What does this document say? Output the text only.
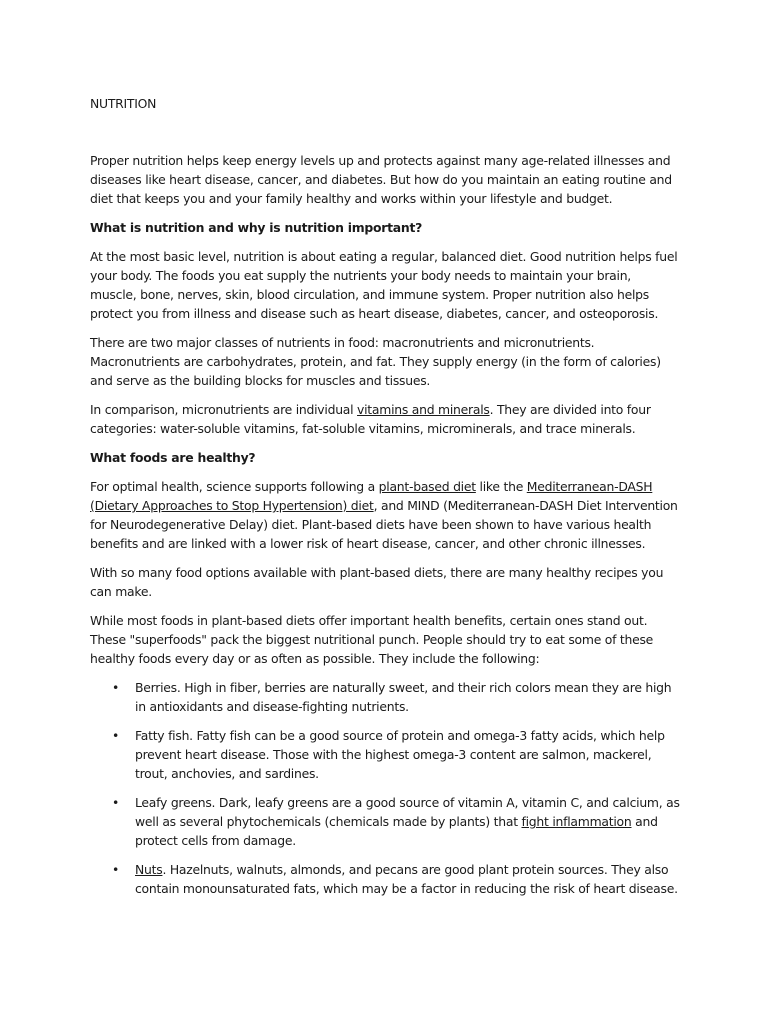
NUTRITION

Proper nutrition helps keep energy levels up and protects against many age-related illnesses and diseases like heart disease, cancer, and diabetes. But how do you maintain an eating routine and diet that keeps you and your family healthy and works within your lifestyle and budget.

What is nutrition and why is nutrition important?

At the most basic level, nutrition is about eating a regular, balanced diet. Good nutrition helps fuel your body. The foods you eat supply the nutrients your body needs to maintain your brain, muscle, bone, nerves, skin, blood circulation, and immune system. Proper nutrition also helps protect you from illness and disease such as heart disease, diabetes, cancer, and osteoporosis.

There are two major classes of nutrients in food: macronutrients and micronutrients. Macronutrients are carbohydrates, protein, and fat. They supply energy (in the form of calories) and serve as the building blocks for muscles and tissues.

In comparison, micronutrients are individual vitamins and minerals. They are divided into four categories: water-soluble vitamins, fat-soluble vitamins, microminerals, and trace minerals.

What foods are healthy?

For optimal health, science supports following a plant-based diet like the Mediterranean-DASH (Dietary Approaches to Stop Hypertension) diet, and MIND (Mediterranean-DASH Diet Intervention for Neurodegenerative Delay) diet. Plant-based diets have been shown to have various health benefits and are linked with a lower risk of heart disease, cancer, and other chronic illnesses.

With so many food options available with plant-based diets, there are many healthy recipes you can make.

While most foods in plant-based diets offer important health benefits, certain ones stand out. These "superfoods" pack the biggest nutritional punch. People should try to eat some of these healthy foods every day or as often as possible. They include the following:

• Berries. High in fiber, berries are naturally sweet, and their rich colors mean they are high in antioxidants and disease-fighting nutrients.
• Fatty fish. Fatty fish can be a good source of protein and omega-3 fatty acids, which help prevent heart disease. Those with the highest omega-3 content are salmon, mackerel, trout, anchovies, and sardines.
• Leafy greens. Dark, leafy greens are a good source of vitamin A, vitamin C, and calcium, as well as several phytochemicals (chemicals made by plants) that fight inflammation and protect cells from damage.
• Nuts. Hazelnuts, walnuts, almonds, and pecans are good plant protein sources. They also contain monounsaturated fats, which may be a factor in reducing the risk of heart disease.
